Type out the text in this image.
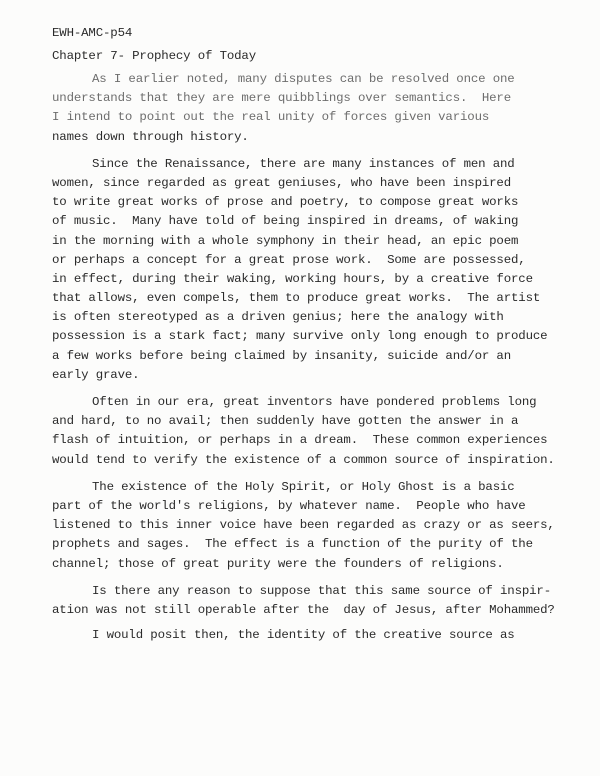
EWH-AMC-p54
Chapter 7- Prophecy of Today
As I earlier noted, many disputes can be resolved once one
understands that they are mere quibblings over semantics.  Here
I intend to point out the real unity of forces given various
names down through history.
Since the Renaissance, there are many instances of men and
women, since regarded as great geniuses, who have been inspired
to write great works of prose and poetry, to compose great works
of music.  Many have told of being inspired in dreams, of waking
in the morning with a whole symphony in their head, an epic poem
or perhaps a concept for a great prose work.  Some are possessed,
in effect, during their waking, working hours, by a creative force
that allows, even compels, them to produce great works.  The artist
is often stereotyped as a driven genius; here the analogy with
possession is a stark fact; many survive only long enough to produce
a few works before being claimed by insanity, suicide and/or an
early grave.
Often in our era, great inventors have pondered problems long
and hard, to no avail; then suddenly have gotten the answer in a
flash of intuition, or perhaps in a dream.  These common experiences
would tend to verify the existence of a common source of inspiration.
The existence of the Holy Spirit, or Holy Ghost is a basic
part of the world's religions, by whatever name.  People who have
listened to this inner voice have been regarded as crazy or as seers,
prophets and sages.  The effect is a function of the purity of the
channel; those of great purity were the founders of religions.
Is there any reason to suppose that this same source of inspir-
ation was not still operable after the  day of Jesus, after Mohammed?
I would posit then, the identity of the creative source as
